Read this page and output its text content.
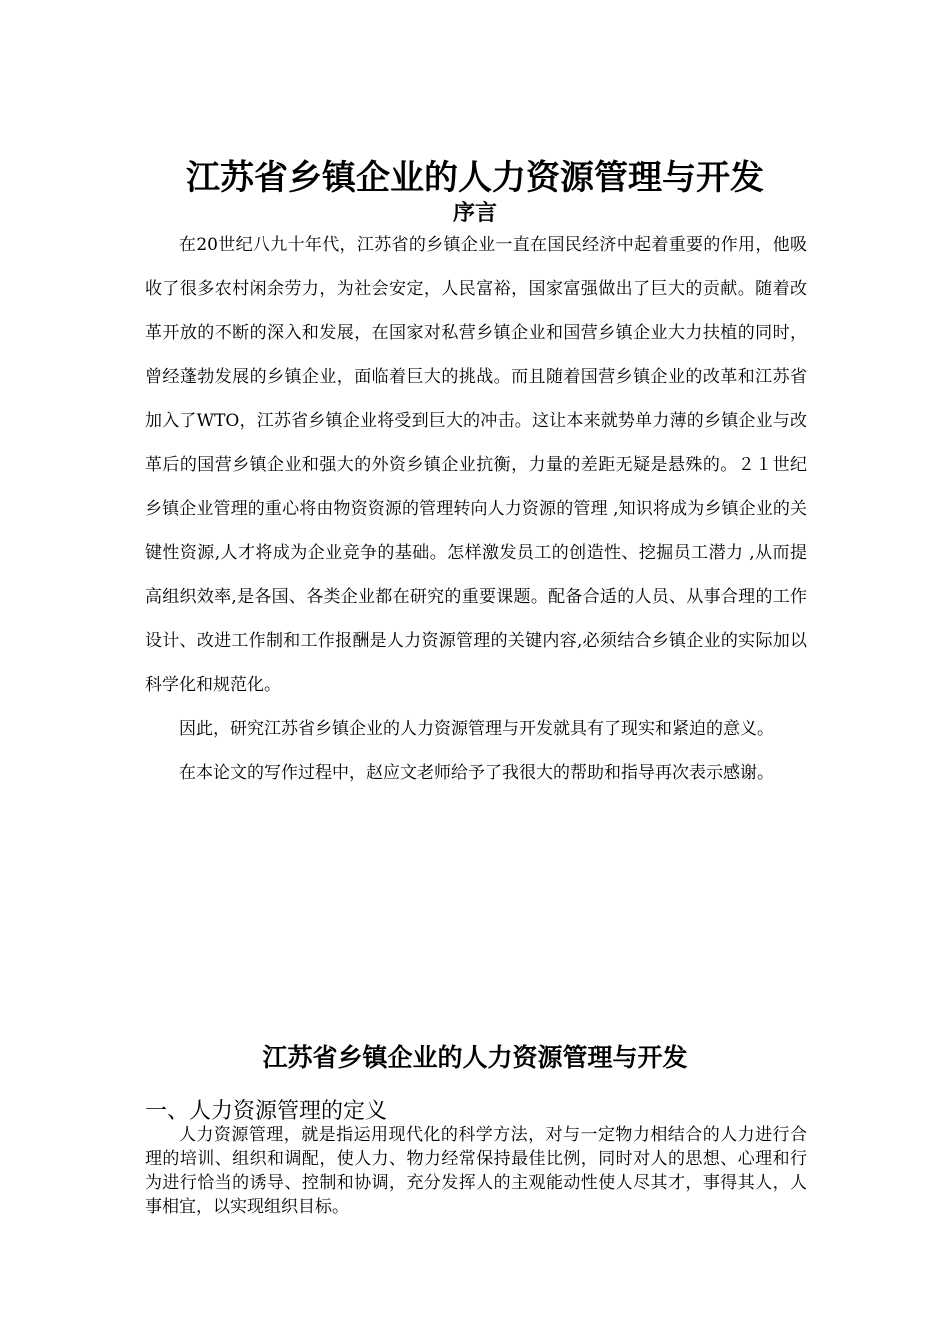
江苏省乡镇企业的人力资源管理与开发
序言

在20世纪八九十年代，江苏省的乡镇企业一直在国民经济中起着重要的作用，他吸收了很多农村闲余劳力，为社会安定，人民富裕，国家富强做出了巨大的贡献。随着改革开放的不断的深入和发展，在国家对私营乡镇企业和国营乡镇企业大力扶植的同时，曾经蓬勃发展的乡镇企业，面临着巨大的挑战。而且随着国营乡镇企业的改革和江苏省加入了WTO，江苏省乡镇企业将受到巨大的冲击。这让本来就势单力薄的乡镇企业与改革后的国营乡镇企业和强大的外资乡镇企业抗衡，力量的差距无疑是悬殊的。２１世纪乡镇企业管理的重心将由物资资源的管理转向人力资源的管理 ,知识将成为乡镇企业的关键性资源,人才将成为企业竞争的基础。怎样激发员工的创造性、挖掘员工潜力 ,从而提高组织效率,是各国、各类企业都在研究的重要课题。配备合适的人员、从事合理的工作设计、改进工作制和工作报酬是人力资源管理的关键内容,必须结合乡镇企业的实际加以科学化和规范化。

因此，研究江苏省乡镇企业的人力资源管理与开发就具有了现实和紧迫的意义。

在本论文的写作过程中，赵应文老师给予了我很大的帮助和指导再次表示感谢。

江苏省乡镇企业的人力资源管理与开发
一、人力资源管理的定义

人力资源管理，就是指运用现代化的科学方法，对与一定物力相结合的人力进行合理的培训、组织和调配，使人力、物力经常保持最佳比例，同时对人的思想、心理和行为进行恰当的诱导、控制和协调，充分发挥人的主观能动性使人尽其才，事得其人，人事相宜，以实现组织目标。
